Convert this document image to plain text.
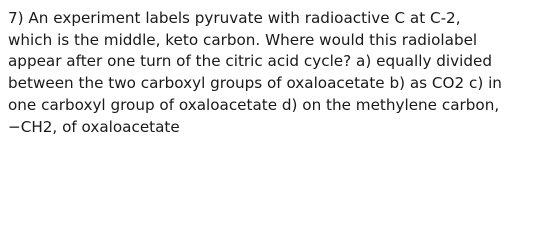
7) An experiment labels pyruvate with radioactive C at C-2,
which is the middle, keto carbon. Where would this radiolabel
appear after one turn of the citric acid cycle? a) equally divided
between the two carboxyl groups of oxaloacetate b) as CO2 c) in
one carboxyl group of oxaloacetate d) on the methylene carbon,
−CH2, of oxaloacetate
